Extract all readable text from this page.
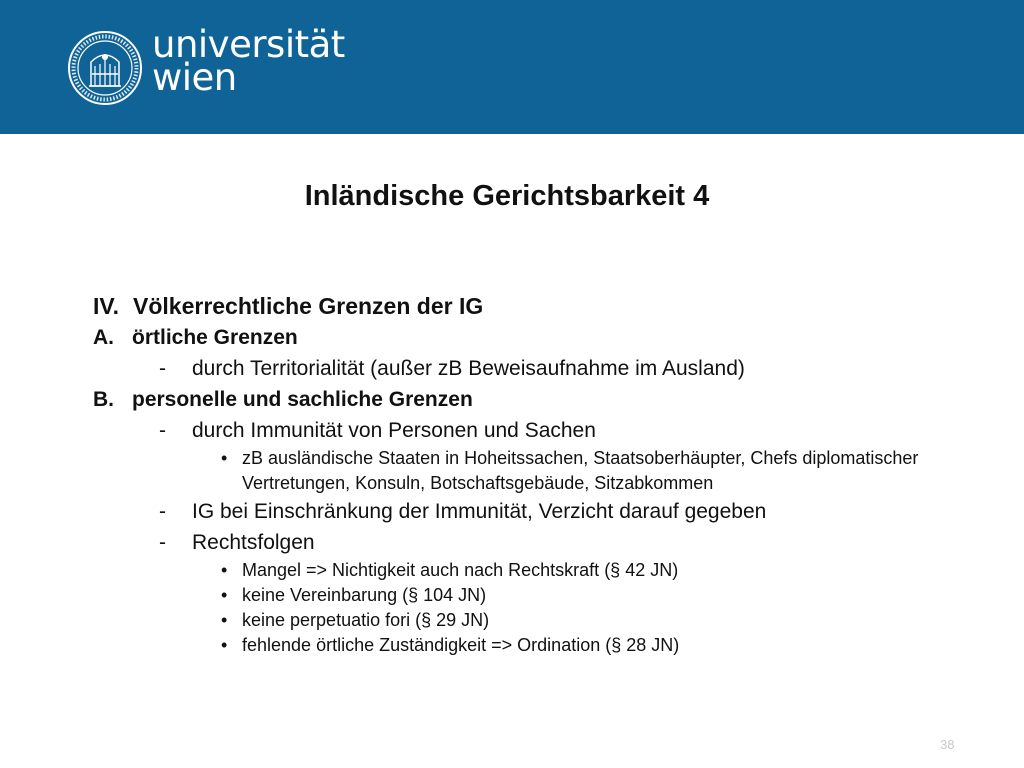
universität
wien
Inländische Gerichtsbarkeit 4
IV. Völkerrechtliche Grenzen der IG
A. örtliche Grenzen
- durch Territorialität (außer zB Beweisaufnahme im Ausland)
B. personelle und sachliche Grenzen
- durch Immunität von Personen und Sachen
• zB ausländische Staaten in Hoheitssachen, Staatsoberhäupter, Chefs diplomatischer Vertretungen, Konsuln, Botschaftsgebäude, Sitzabkommen
- IG bei Einschränkung der Immunität, Verzicht darauf gegeben
- Rechtsfolgen
• Mangel => Nichtigkeit auch nach Rechtskraft (§ 42 JN)
• keine Vereinbarung (§ 104 JN)
• keine perpetuatio fori (§ 29 JN)
• fehlende örtliche Zuständigkeit => Ordination (§ 28 JN)
38
